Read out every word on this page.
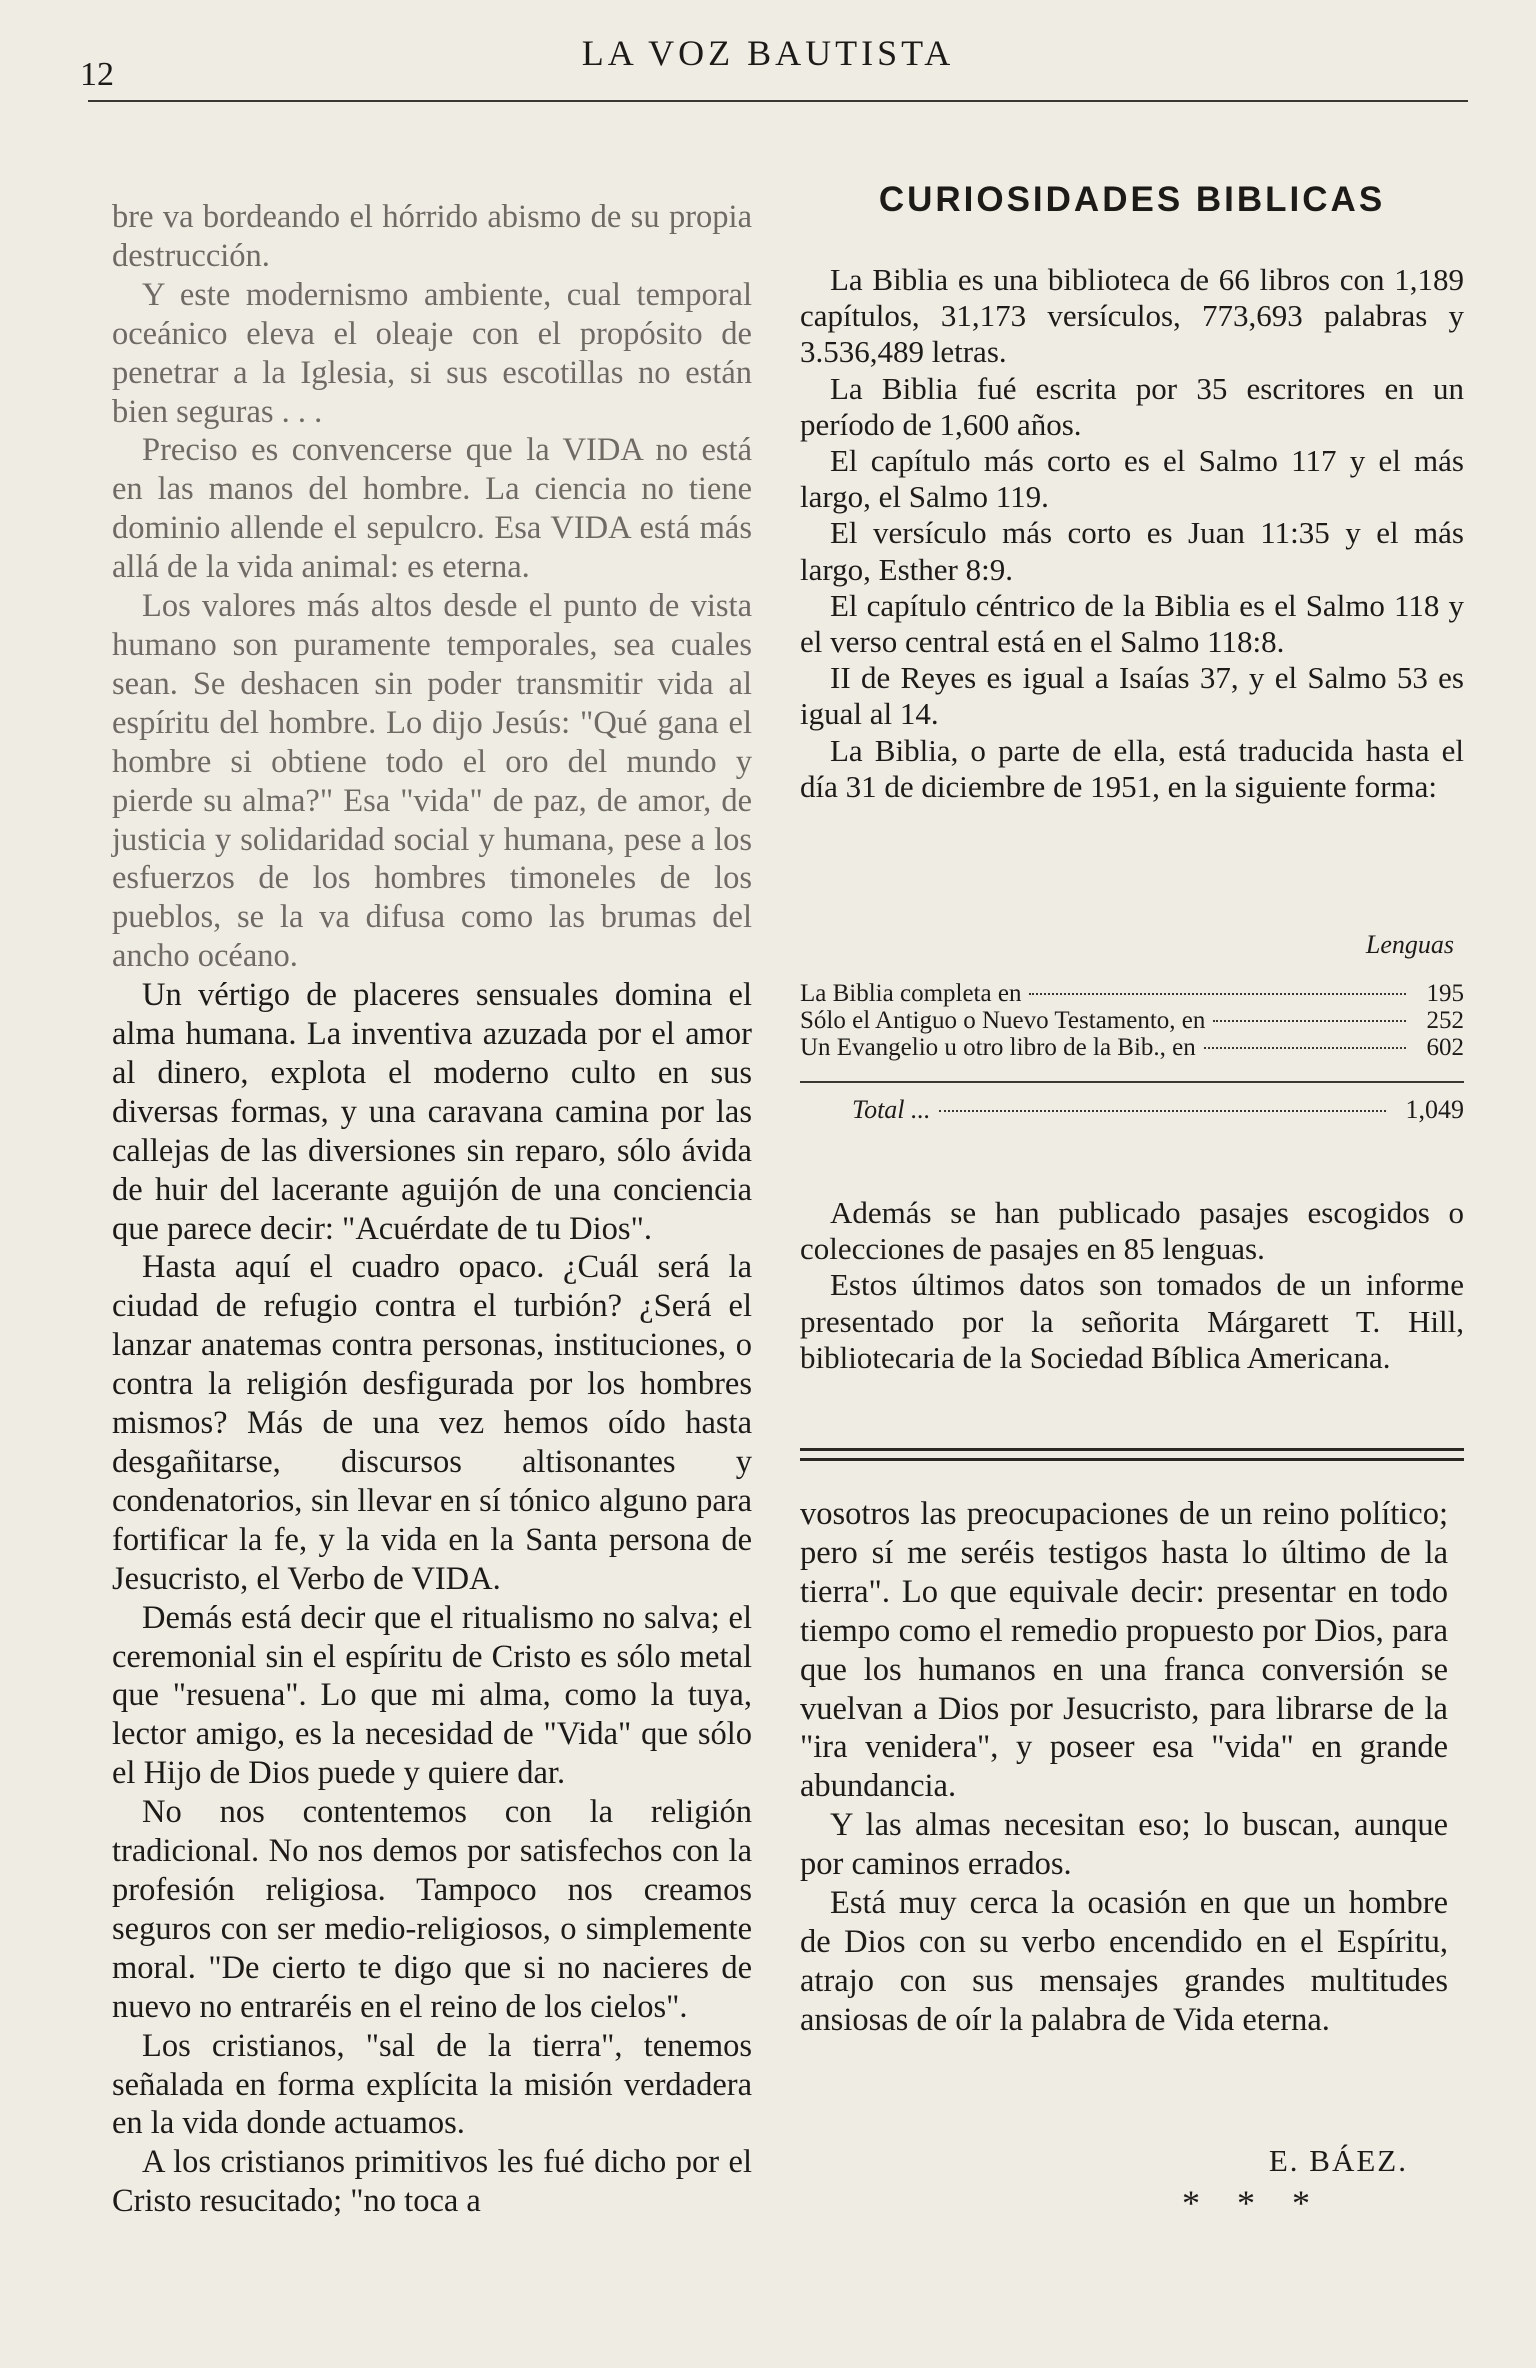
12
LA VOZ BAUTISTA

bre va bordeando el hórrido abismo de su propia destrucción.

Y este modernismo ambiente, cual temporal oceánico eleva el oleaje con el propósito de penetrar a la Iglesia, si sus escotillas no están bien seguras . . .

Preciso es convencerse que la VIDA no está en las manos del hombre. La ciencia no tiene dominio allende el sepulcro. Esa VIDA está más allá de la vida animal: es eterna.

Los valores más altos desde el punto de vista humano son puramente temporales, sea cuales sean. Se deshacen sin poder transmitir vida al espíritu del hombre. Lo dijo Jesús: "Qué gana el hombre si obtiene todo el oro del mundo y pierde su alma?" Esa "vida" de paz, de amor, de justicia y solidaridad social y humana, pese a los esfuerzos de los hombres timoneles de los pueblos, se la va difusa como las brumas del ancho océano.

Un vértigo de placeres sensuales domina el alma humana. La inventiva azuzada por el amor al dinero, explota el moderno culto en sus diversas formas, y una caravana camina por las callejas de las diversiones sin reparo, sólo ávida de huir del lacerante aguijón de una conciencia que parece decir: "Acuérdate de tu Dios".

Hasta aquí el cuadro opaco. ¿Cuál será la ciudad de refugio contra el turbión? ¿Será el lanzar anatemas contra personas, instituciones, o contra la religión desfigurada por los hombres mismos? Más de una vez hemos oído hasta desgañitarse, discursos altisonantes y condenatorios, sin llevar en sí tónico alguno para fortificar la fe, y la vida en la Santa persona de Jesucristo, el Verbo de VIDA.

Demás está decir que el ritualismo no salva; el ceremonial sin el espíritu de Cristo es sólo metal que "resuena". Lo que mi alma, como la tuya, lector amigo, es la necesidad de "Vida" que sólo el Hijo de Dios puede y quiere dar.

No nos contentemos con la religión tradicional. No nos demos por satisfechos con la profesión religiosa. Tampoco nos creamos seguros con ser medio-religiosos, o simplemente moral. "De cierto te digo que si no nacieres de nuevo no entraréis en el reino de los cielos".

Los cristianos, "sal de la tierra", tenemos señalada en forma explícita la misión verdadera en la vida donde actuamos.

A los cristianos primitivos les fué dicho por el Cristo resucitado; "no toca a

CURIOSIDADES BIBLICAS

La Biblia es una biblioteca de 66 libros con 1,189 capítulos, 31,173 versículos, 773,693 palabras y 3.536,489 letras.

La Biblia fué escrita por 35 escritores en un período de 1,600 años.

El capítulo más corto es el Salmo 117 y el más largo, el Salmo 119.

El versículo más corto es Juan 11:35 y el más largo, Esther 8:9.

El capítulo céntrico de la Biblia es el Salmo 118 y el verso central está en el Salmo 118:8.

II de Reyes es igual a Isaías 37, y el Salmo 53 es igual al 14.

La Biblia, o parte de ella, está traducida hasta el día 31 de diciembre de 1951, en la siguiente forma:

Lenguas
La Biblia completa en	195
Sólo el Antiguo o Nuevo Testamento, en	252
Un Evangelio u otro libro de la Bib., en	602
Total ...	1,049

Además se han publicado pasajes escogidos o colecciones de pasajes en 85 lenguas.

Estos últimos datos son tomados de un informe presentado por la señorita Márgarett T. Hill, bibliotecaria de la Sociedad Bíblica Americana.

vosotros las preocupaciones de un reino político; pero sí me seréis testigos hasta lo último de la tierra". Lo que equivale decir: presentar en todo tiempo como el remedio propuesto por Dios, para que los humanos en una franca conversión se vuelvan a Dios por Jesucristo, para librarse de la "ira venidera", y poseer esa "vida" en grande abundancia.

Y las almas necesitan eso; lo buscan, aunque por caminos errados.

Está muy cerca la ocasión en que un hombre de Dios con su verbo encendido en el Espíritu, atrajo con sus mensajes grandes multitudes ansiosas de oír la palabra de Vida eterna.

E. BÁEZ.
* * *
